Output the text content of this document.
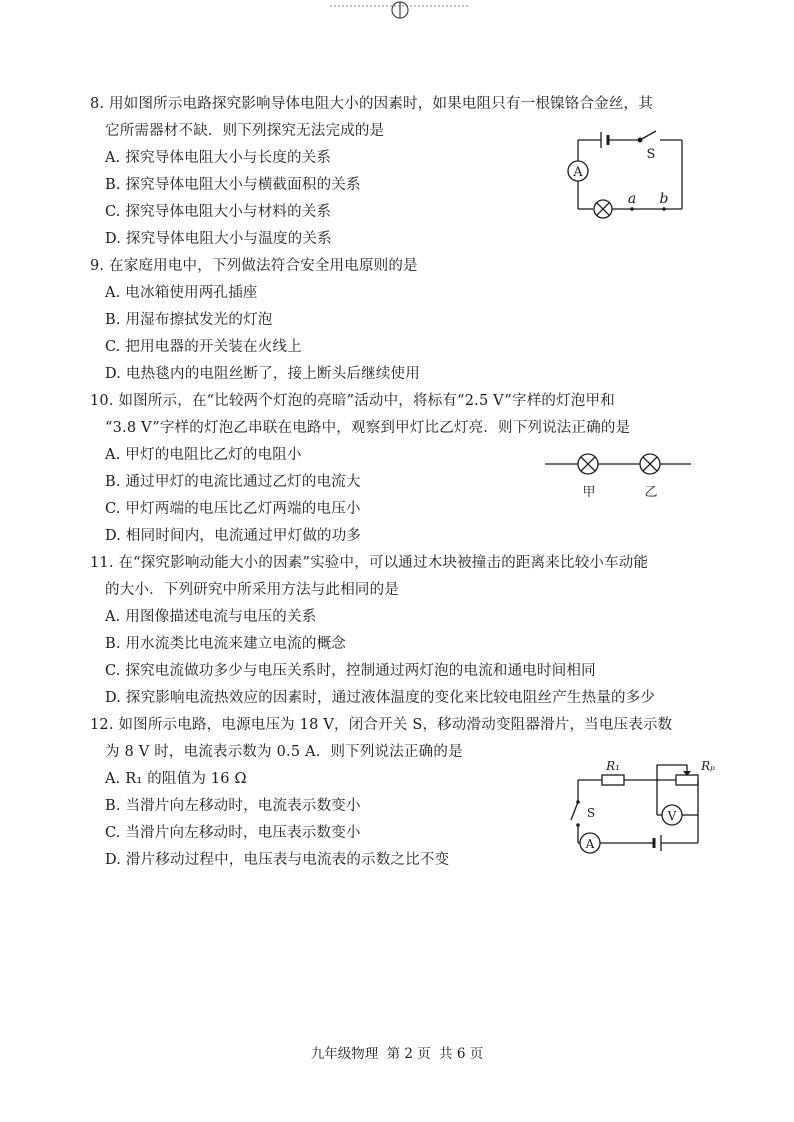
8. 用如图所示电路探究影响导体电阻大小的因素时，如果电阻只有一根镍铬合金丝，其
它所需器材不缺．则下列探究无法完成的是
A. 探究导体电阻大小与长度的关系
B. 探究导体电阻大小与横截面积的关系
C. 探究导体电阻大小与材料的关系
D. 探究导体电阻大小与温度的关系
A
S
a b
9. 在家庭用电中，下列做法符合安全用电原则的是
A. 电冰箱使用两孔插座
B. 用湿布擦拭发光的灯泡
C. 把用电器的开关装在火线上
D. 电热毯内的电阻丝断了，接上断头后继续使用
10. 如图所示，在“比较两个灯泡的亮暗”活动中，将标有“2.5 V”字样的灯泡甲和
“3.8 V”字样的灯泡乙串联在电路中，观察到甲灯比乙灯亮．则下列说法正确的是
A. 甲灯的电阻比乙灯的电阻小
B. 通过甲灯的电流比通过乙灯的电流大
C. 甲灯两端的电压比乙灯两端的电压小
D. 相同时间内，电流通过甲灯做的功多
甲	乙
11. 在“探究影响动能大小的因素”实验中，可以通过木块被撞击的距离来比较小车动能
的大小．下列研究中所采用方法与此相同的是
A. 用图像描述电流与电压的关系
B. 用水流类比电流来建立电流的概念
C. 探究电流做功多少与电压关系时，控制通过两灯泡的电流和通电时间相同
D. 探究影响电流热效应的因素时，通过液体温度的变化来比较电阻丝产生热量的多少
12. 如图所示电路，电源电压为 18 V，闭合开关 S，移动滑动变阻器滑片，当电压表示数
为 8 V 时，电流表示数为 0.5 A．则下列说法正确的是
A. R₁ 的阻值为 16 Ω
B. 当滑片向左移动时，电流表示数变小
C. 当滑片向左移动时，电压表示数变小
D. 滑片移动过程中，电压表与电流表的示数之比不变
R₁	Rₚ
V
A
S
九年级物理 第 2 页 共 6 页
